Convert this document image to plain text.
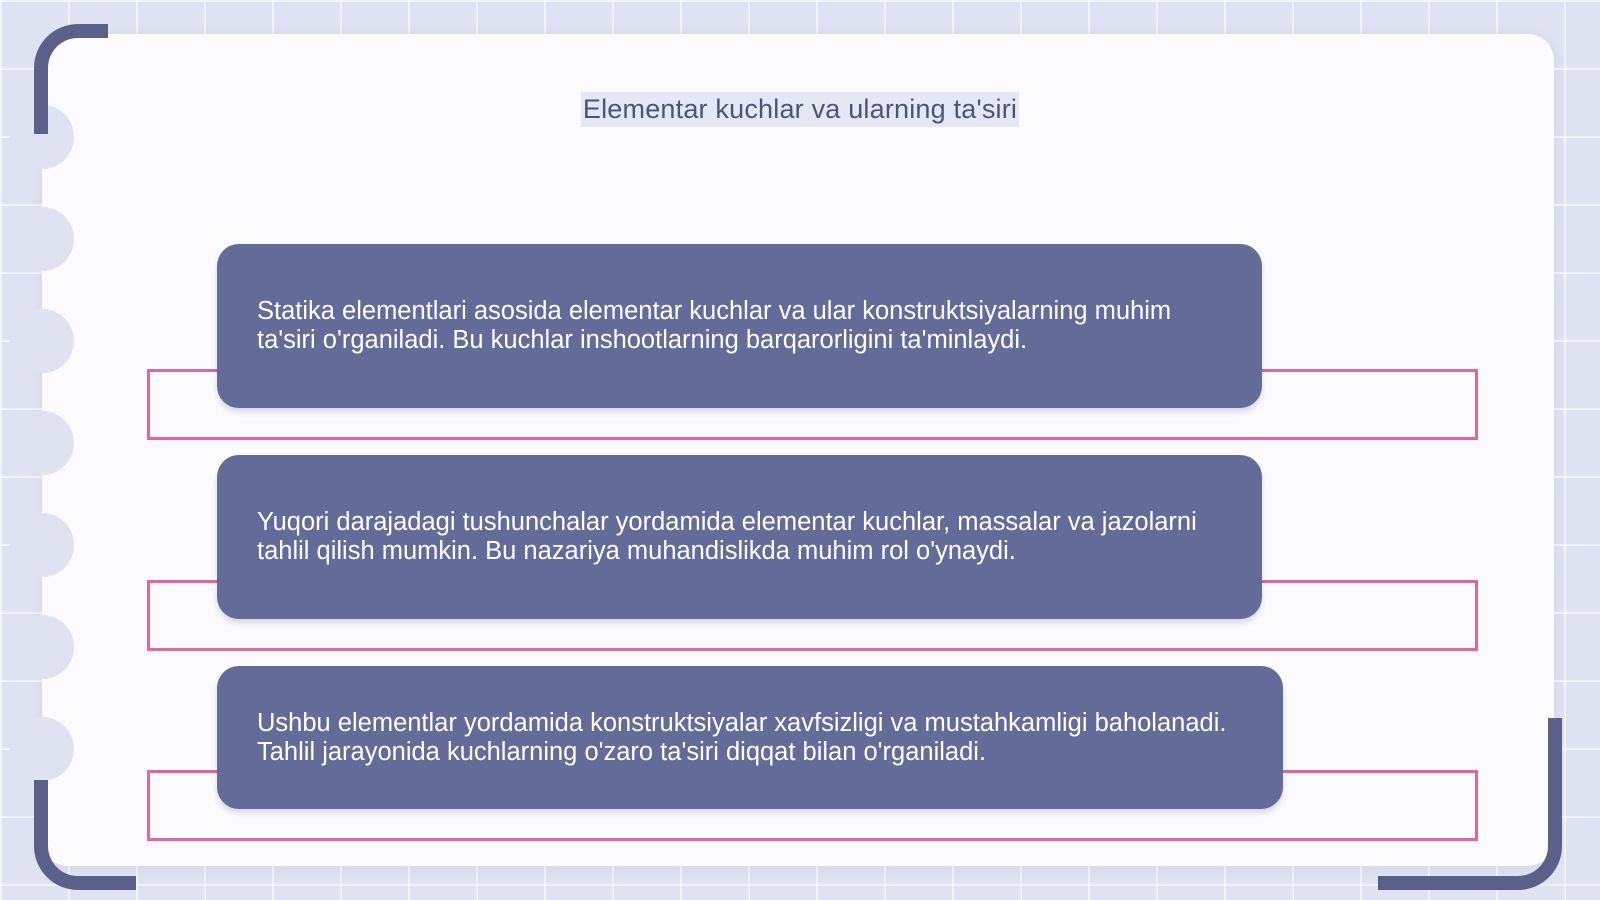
Elementar kuchlar va ularning ta'siri

Statika elementlari asosida elementar kuchlar va ular konstruktsiyalarning muhim ta'siri o'rganiladi. Bu kuchlar inshootlarning barqarorligini ta'minlaydi.

Yuqori darajadagi tushunchalar yordamida elementar kuchlar, massalar va jazolarni tahlil qilish mumkin. Bu nazariya muhandislikda muhim rol o'ynaydi.

Ushbu elementlar yordamida konstruktsiyalar xavfsizligi va mustahkamligi baholanadi. Tahlil jarayonida kuchlarning o'zaro ta'siri diqqat bilan o'rganiladi.
